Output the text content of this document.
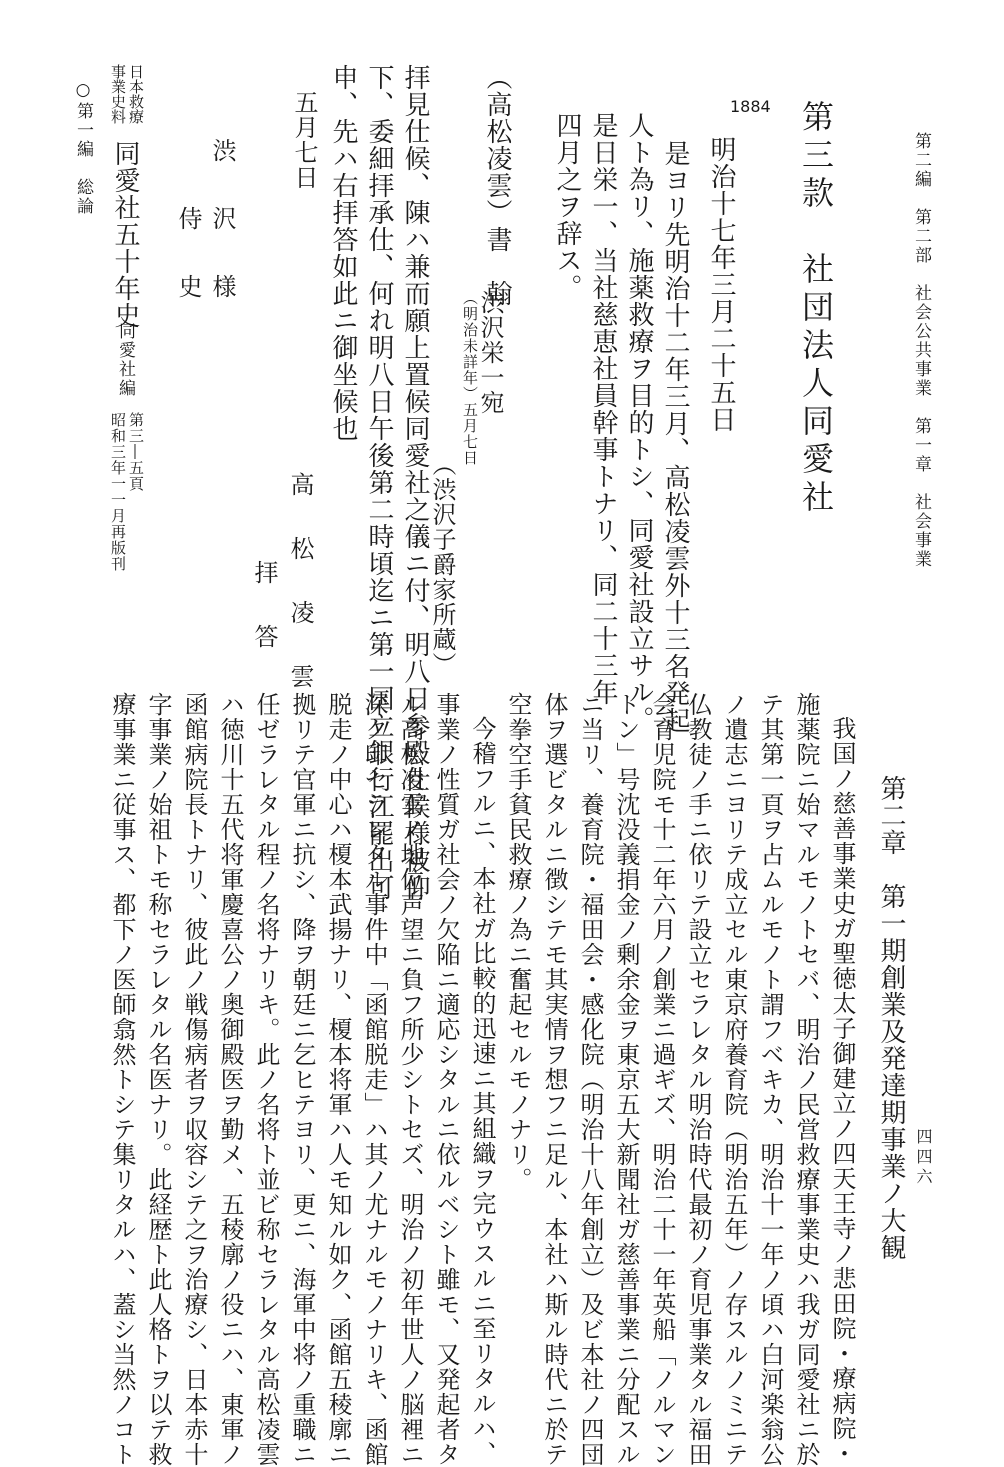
第二編　第二部　社会公共事業　第一章　社会事業
四四六
第三款　社団法人同愛社
1884
明治十七年三月二十五日
是ヨリ先明治十二年三月、高松凌雲外十三名発起
人ト為リ、施薬救療ヲ目的トシ、同愛社設立サル。
是日栄一、当社慈恵社員幹事トナリ、同二十三年
四月之ヲ辞ス。
（高松凌雲）書　翰
渋沢栄一宛
（明治未詳年）五月七日
（渋沢子爵家所蔵）
拝見仕候、陳ハ兼而願上置候同愛社之儀ニ付、明八日参殿仕候様被仰
下、委細拝承仕、何れ明八日午後第二時頃迄ニ第一国立銀行江罷出可
申、先ハ右拝答如此ニ御坐候也
五月七日
高　松　凌　雲
拝　答
渋　沢　様
侍　史
日本救療
事業史料
同愛社五十年史
同愛社編
第三―五頁
昭和三年一一月再版刊
○第一編　総論
第二章　第一期創業及発達期事業ノ大観
我国ノ慈善事業史ガ聖徳太子御建立ノ四天王寺ノ悲田院・療病院・
施薬院ニ始マルモノトセバ、明治ノ民営救療事業史ハ我ガ同愛社ニ於
テ其第一頁ヲ占ムルモノト謂フベキカ、明治十一年ノ頃ハ白河楽翁公
ノ遺志ニヨリテ成立セル東京府養育院（明治五年）ノ存スルノミニテ
仏教徒ノ手ニ依リテ設立セラレタル明治時代最初ノ育児事業タル福田
会育児院モ十二年六月ノ創業ニ過ギズ、明治二十一年英船「ノルマン
トン」号沈没義捐金ノ剰余金ヲ東京五大新聞社ガ慈善事業ニ分配スル
ニ当リ、養育院・福田会・感化院（明治十八年創立）及ビ本社ノ四団
体ヲ選ビタルニ徴シテモ其実情ヲ想フニ足ル、本社ハ斯ル時代ニ於テ
空拳空手貧民救療ノ為ニ奮起セルモノナリ。
今稽フルニ、本社ガ比較的迅速ニ其組織ヲ完ウスルニ至リタルハ、
事業ノ性質ガ社会ノ欠陥ニ適応シタルニ依ルベシト雖モ、又発起者タ
ル高松凌雲ノ地位声望ニ負フ所少シトセズ、明治ノ初年世人ノ脳裡ニ
深ク印セラレタル事件中「函館脱走」ハ其ノ尤ナルモノナリキ、函館
脱走ノ中心ハ榎本武揚ナリ、榎本将軍ハ人モ知ル如ク、函館五稜廓ニ
拠リテ官軍ニ抗シ、降ヲ朝廷ニ乞ヒテヨリ、更ニ、海軍中将ノ重職ニ
任ゼラレタル程ノ名将ナリキ。此ノ名将ト並ビ称セラレタル高松凌雲
ハ徳川十五代将軍慶喜公ノ奥御殿医ヲ勤メ、五稜廓ノ役ニハ、東軍ノ
函館病院長トナリ、彼此ノ戦傷病者ヲ収容シテ之ヲ治療シ、日本赤十
字事業ノ始祖トモ称セラレタル名医ナリ。此経歴ト此人格トヲ以テ救
療事業ニ従事ス、都下ノ医師翕然トシテ集リタルハ、蓋シ当然ノコト
